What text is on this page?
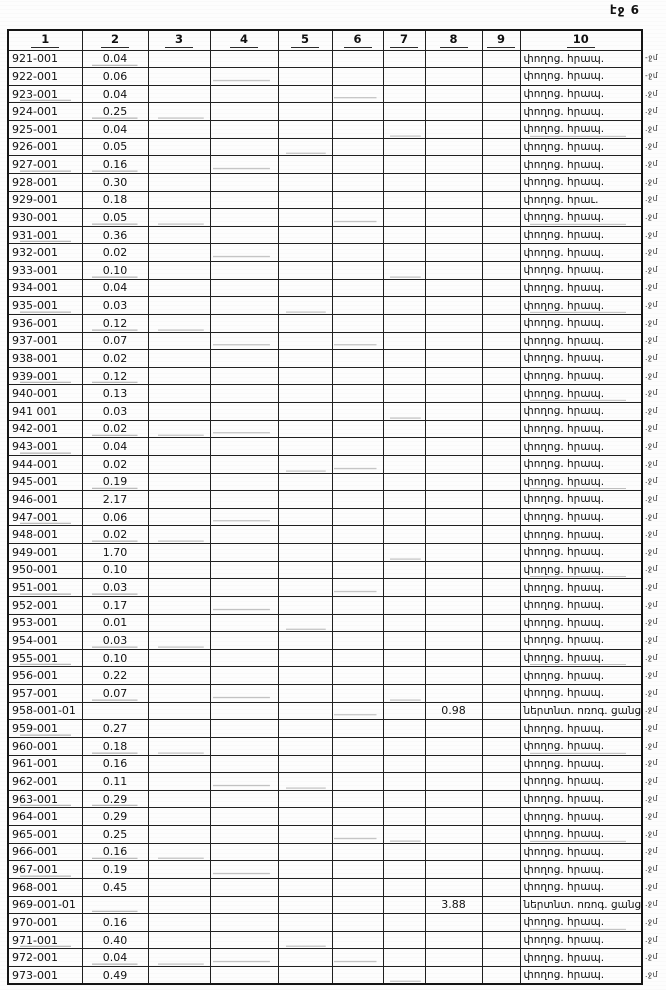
էջ 6
1	2	3	4	5	6	7	8	9	10
921-001	0.04								փողոց. հրապ.
922-001	0.06								փողոց. հրապ.
923-001	0.04								փողոց. հրապ.
924-001	0.25								փողոց. հրապ.
925-001	0.04								փողոց. հրապ.
926-001	0.05								փողոց. հրապ.
927-001	0.16								փողոց. հրապ.
928-001	0.30								փողոց. հրապ.
929-001	0.18								փողոց. հրաւ.
930-001	0.05								փողոց. հրապ.
931-001	0.36								փողոց. հրապ.
932-001	0.02								փողոց. հրապ.
933-001	0.10								փողոց. հրապ.
934-001	0.04								փողոց. հրապ.
935-001	0.03								փողոց. հրապ.
936-001	0.12								փողոց. հրապ.
937-001	0.07								փողոց. հրապ.
938-001	0.02								փողոց. հրապ.
939-001	0.12								փողոց. հրապ.
940-001	0.13								փողոց. հրապ.
941 001	0.03								փողոց. հրապ.
942-001	0.02								փողոց. հրապ.
943-001	0.04								փողոց. հրապ.
944-001	0.02								փողոց. հրապ.
945-001	0.19								փողոց. հրապ.
946-001	2.17								փողոց. հրապ.
947-001	0.06								փողոց. հրապ.
948-001	0.02								փողոց. հրապ.
949-001	1.70								փողոց. հրապ.
950-001	0.10								փողոց. հրապ.
951-001	0.03								փողոց. հրապ.
952-001	0.17								փողոց. հրապ.
953-001	0.01								փողոց. հրապ.
954-001	0.03								փողոց. հրապ.
955-001	0.10								փողոց. հրապ.
956-001	0.22								փողոց. հրապ.
957-001	0.07								փողոց. հրապ.
958-001-01							0.98		ներտնտ. ոռոգ. ցանց
959-001	0.27								փողոց. հրապ.
960-001	0.18								փողոց. հրապ.
961-001	0.16								փողոց. հրապ.
962-001	0.11								փողոց. հրապ.
963-001	0.29								փողոց. հրապ.
964-001	0.29								փողոց. հրապ.
965-001	0.25								փողոց. հրապ.
966-001	0.16								փողոց. հրապ.
967-001	0.19								փողոց. հրապ.
968-001	0.45								փողոց. հրապ.
969-001-01							3.88		ներտնտ. ոռոգ. ցանց
970-001	0.16								փողոց. հրապ.
971-001	0.40								փողոց. հրապ.
972-001	0.04								փողոց. հրապ.
973-001	0.49								փողոց. հրապ.
-ջմ
-ջմ
.ջմ
.ջմ
.ջմ
.ջմ
.ջմ
.ջմ
.ջմ
.ջմ
.ջմ
.ջմ
.ջմ
.ջմ
.ջմ
.ջմ
.ջմ
.ջմ
.ջմ
.ջմ
.ջմ
.ջմ
.ջմ
.ջմ
.ջմ
.ջմ
.ջմ
.ջմ
.ջմ
.ջմ
.ջմ
.ջմ
.ջմ
.ջմ
.ջմ
.ջմ
.ջմ
.ջմ
.ջմ
.ջմ
.ջմ
.ջմ
.ջմ
.ջմ
.ջմ
.ջմ
.ջմ
.ջմ
.ջմ
.ջմ
.ջմ
.ջմ
.ջմ
